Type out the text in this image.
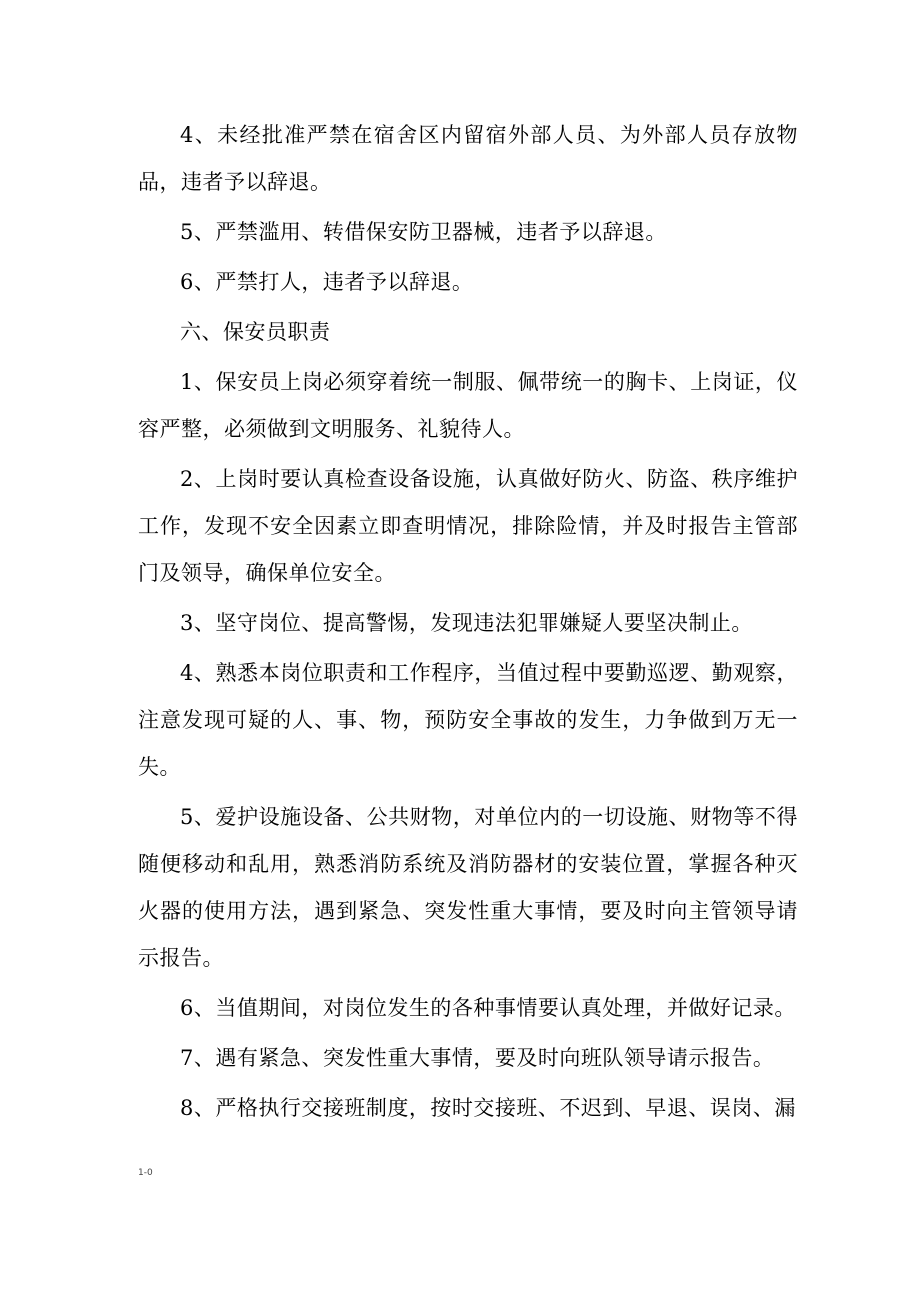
4、未经批准严禁在宿舍区内留宿外部人员、为外部人员存放物品，违者予以辞退。

5、严禁滥用、转借保安防卫器械，违者予以辞退。

6、严禁打人，违者予以辞退。

六、保安员职责

1、保安员上岗必须穿着统一制服、佩带统一的胸卡、上岗证，仪容严整，必须做到文明服务、礼貌待人。

2、上岗时要认真检查设备设施，认真做好防火、防盗、秩序维护工作，发现不安全因素立即查明情况，排除险情，并及时报告主管部门及领导，确保单位安全。

3、坚守岗位、提高警惕，发现违法犯罪嫌疑人要坚决制止。

4、熟悉本岗位职责和工作程序，当值过程中要勤巡逻、勤观察，注意发现可疑的人、事、物，预防安全事故的发生，力争做到万无一失。

5、爱护设施设备、公共财物，对单位内的一切设施、财物等不得随便移动和乱用，熟悉消防系统及消防器材的安装位置，掌握各种灭火器的使用方法，遇到紧急、突发性重大事情，要及时向主管领导请示报告。

6、当值期间，对岗位发生的各种事情要认真处理，并做好记录。

7、遇有紧急、突发性重大事情，要及时向班队领导请示报告。

8、严格执行交接班制度，按时交接班、不迟到、早退、误岗、漏

1-0
